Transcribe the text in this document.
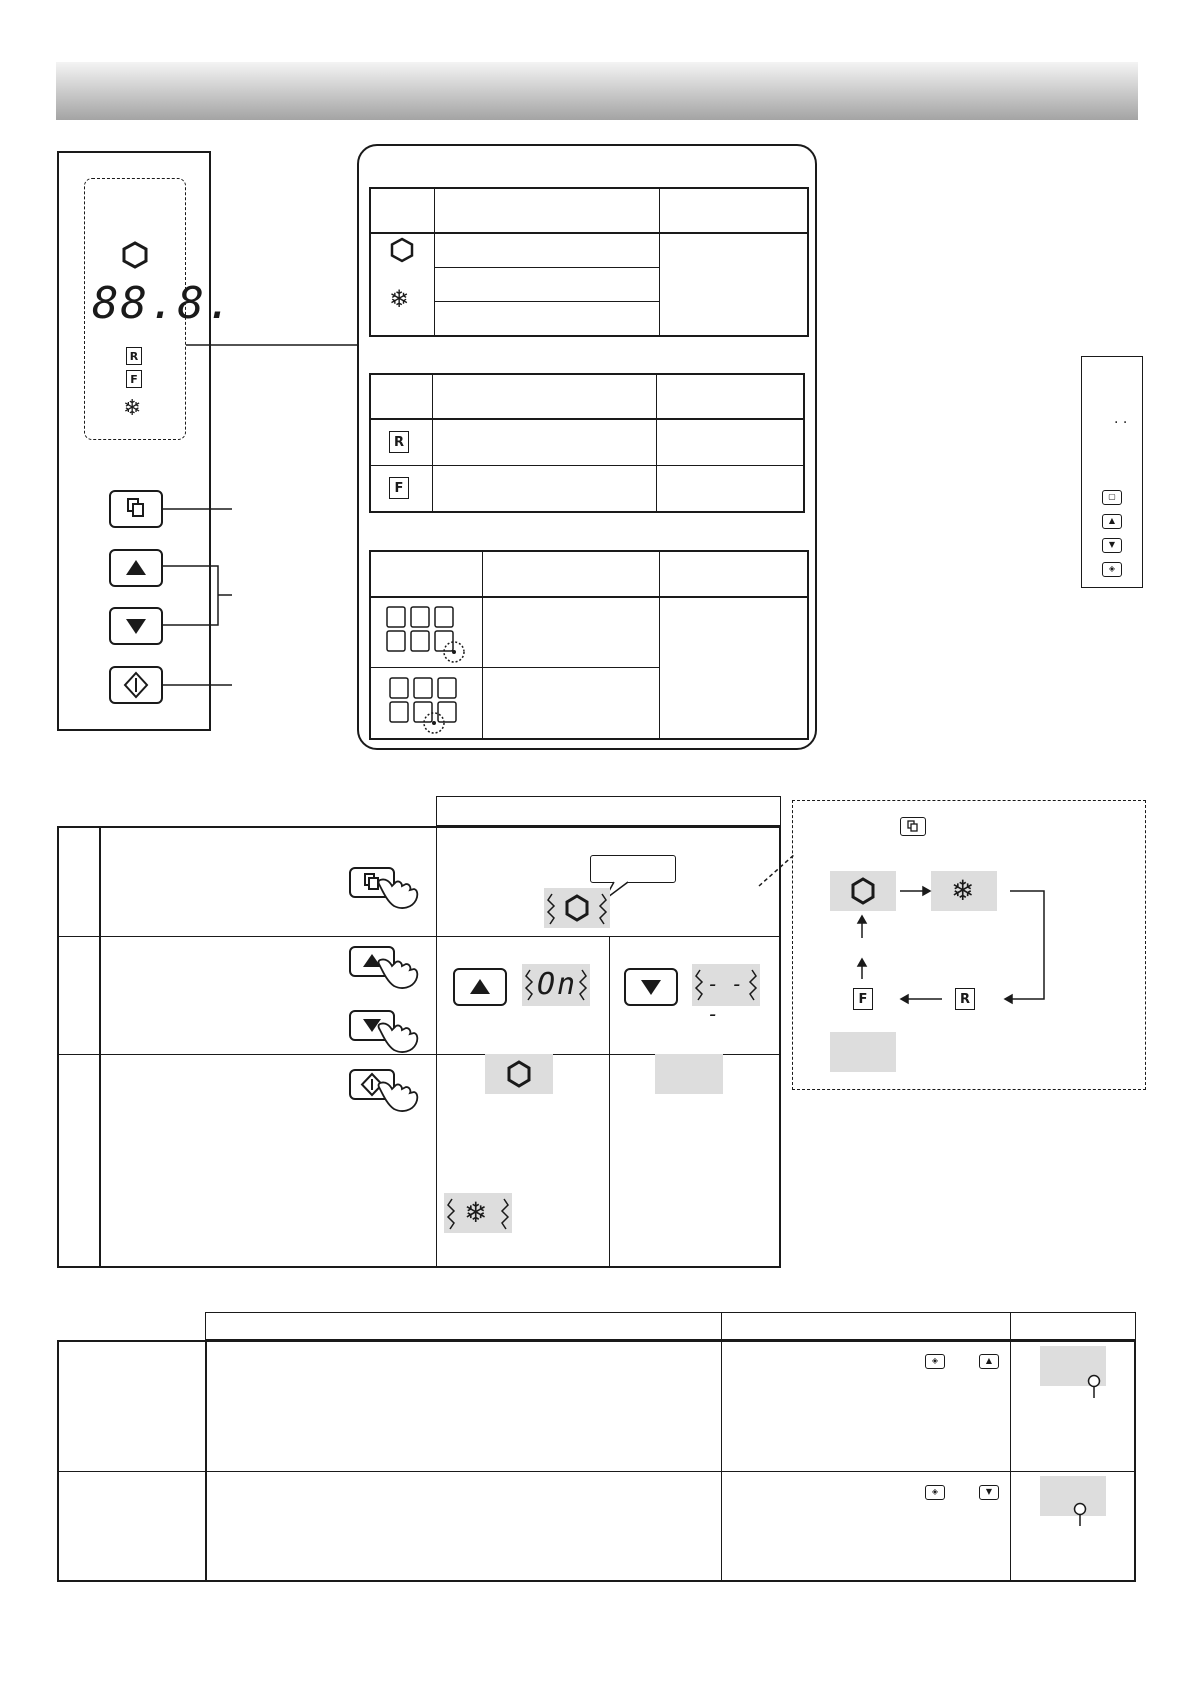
88.8.
R
F
❄
❄
R
F
. .
▢
▲
▼
◈
On	- - -
❄
❄
F	R
◈	▲
◈	▼
